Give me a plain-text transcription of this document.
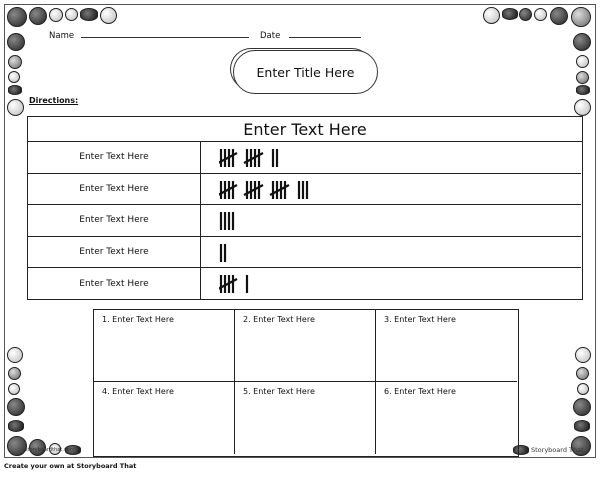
storyboardthat.com	Storyboard That
Name	Date
Enter Title Here
Directions:
Enter Text Here
Enter Text Here
Enter Text Here
Enter Text Here
Enter Text Here
Enter Text Here
1. Enter Text Here	2. Enter Text Here	3. Enter Text Here
4. Enter Text Here	5. Enter Text Here	6. Enter Text Here
Create your own at Storyboard That
